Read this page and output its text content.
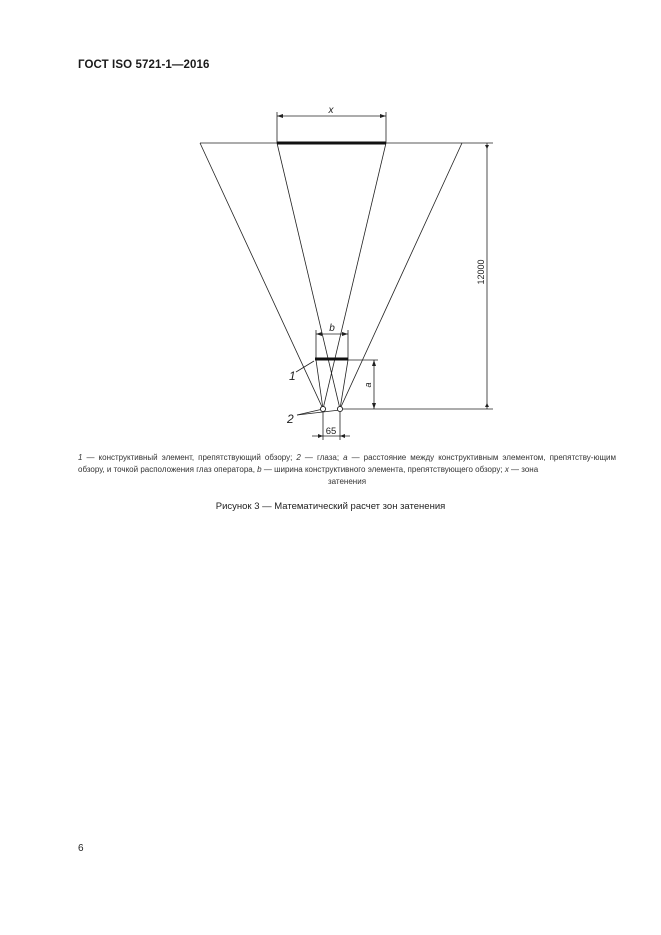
ГОСТ ISO 5721-1—2016
x
b
a
12000
65
1
2
1 — конструктивный элемент, препятствующий обзору; 2 — глаза; a — расстояние между конструктивным элементом, препятству-ющим обзору, и точкой расположения глаз оператора, b — ширина конструктивного элемента, препятствующего обзору; x — зона
затенения
Рисунок 3 — Математический расчет зон затенения
6
